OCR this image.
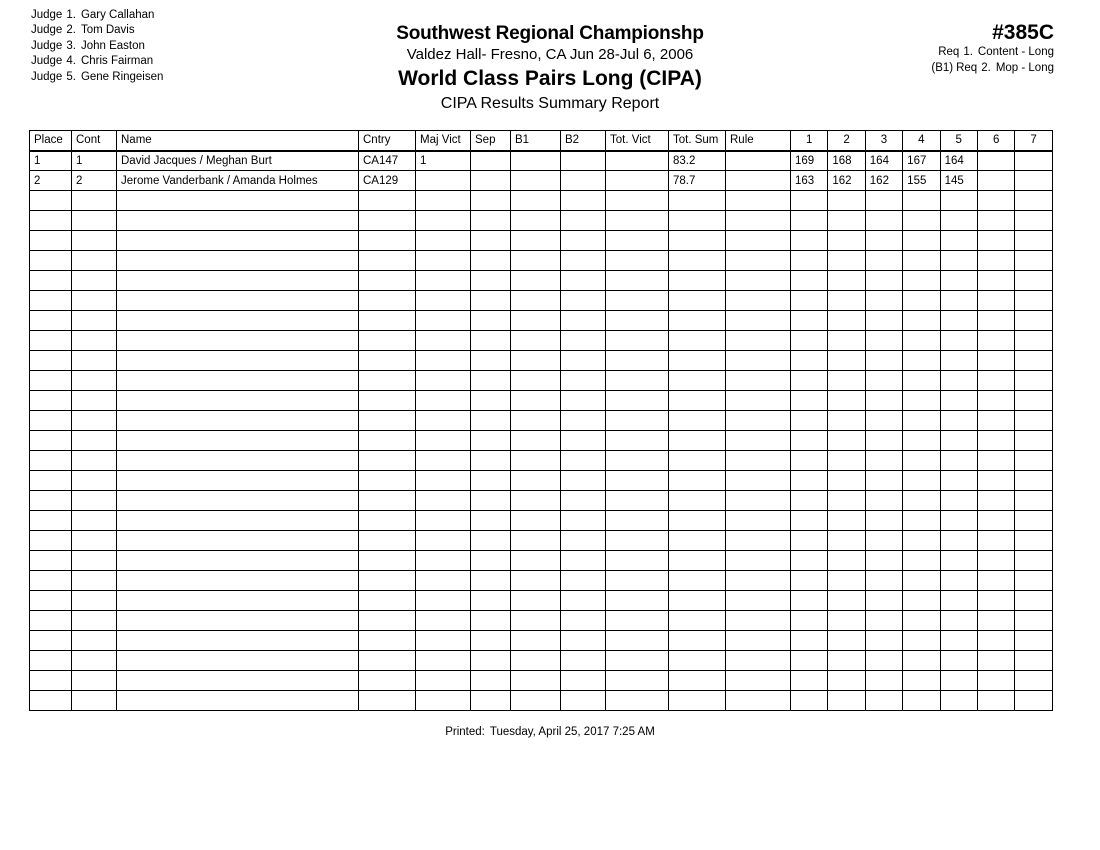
Judge 1. Gary Callahan
Judge 2. Tom Davis
Judge 3. John Easton
Judge 4. Chris Fairman
Judge 5. Gene Ringeisen
Southwest Regional Championshp
Valdez Hall- Fresno, CA Jun 28-Jul 6, 2006
World Class Pairs Long (CIPA)
CIPA Results Summary Report
#385C
Req 1. Content - Long
(B1) Req 2. Mop - Long
Place	Cont	Name	Cntry	Maj Vict	Sep	B1	B2	Tot. Vict	Tot. Sum	Rule	1	2	3	4	5	6	7
1	1	David Jacques / Meghan Burt	CA147	1					83.2		169	168	164	167	164		
2	2	Jerome Vanderbank / Amanda Holmes	CA129						78.7		163	162	162	155	145		

Printed: Tuesday, April 25, 2017 7:25 AM
